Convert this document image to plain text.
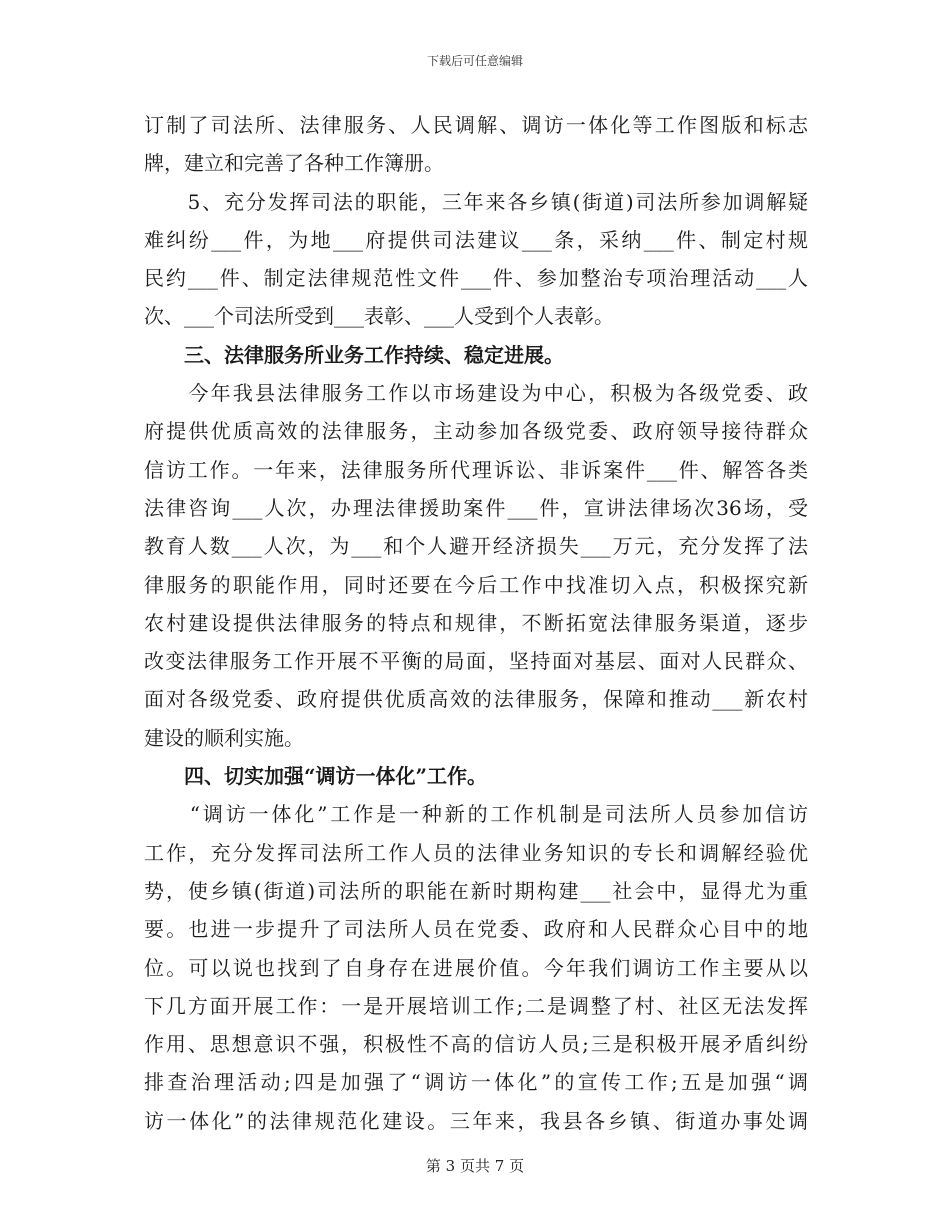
下载后可任意编辑
订制了司法所、法律服务、人民调解、调访一体化等工作图版和标志
牌，建立和完善了各种工作簿册。
　　5、充分发挥司法的职能，三年来各乡镇(街道)司法所参加调解疑
难纠纷___件，为地___府提供司法建议___条，采纳___件、制定村规
民约___件、制定法律规范性文件___件、参加整治专项治理活动___人
次、___个司法所受到___表彰、___人受到个人表彰。
　　三、法律服务所业务工作持续、稳定进展。
　　今年我县法律服务工作以市场建设为中心，积极为各级党委、政
府提供优质高效的法律服务，主动参加各级党委、政府领导接待群众
信访工作。一年来，法律服务所代理诉讼、非诉案件___件、解答各类
法律咨询___人次，办理法律援助案件___件，宣讲法律场次36场，受
教育人数___人次，为___和个人避开经济损失___万元，充分发挥了法
律服务的职能作用，同时还要在今后工作中找准切入点，积极探究新
农村建设提供法律服务的特点和规律，不断拓宽法律服务渠道，逐步
改变法律服务工作开展不平衡的局面，坚持面对基层、面对人民群众、
面对各级党委、政府提供优质高效的法律服务，保障和推动___新农村
建设的顺利实施。
　　四、切实加强“调访一体化”工作。
　　“调访一体化”工作是一种新的工作机制是司法所人员参加信访
工作，充分发挥司法所工作人员的法律业务知识的专长和调解经验优
势，使乡镇(街道)司法所的职能在新时期构建___社会中，显得尤为重
要。也进一步提升了司法所人员在党委、政府和人民群众心目中的地
位。可以说也找到了自身存在进展价值。今年我们调访工作主要从以
下几方面开展工作：一是开展培训工作;二是调整了村、社区无法发挥
作用、思想意识不强，积极性不高的信访人员;三是积极开展矛盾纠纷
排查治理活动;四是加强了“调访一体化”的宣传工作;五是加强“调
访一体化”的法律规范化建设。三年来，我县各乡镇、街道办事处调
第 3 页共 7 页
